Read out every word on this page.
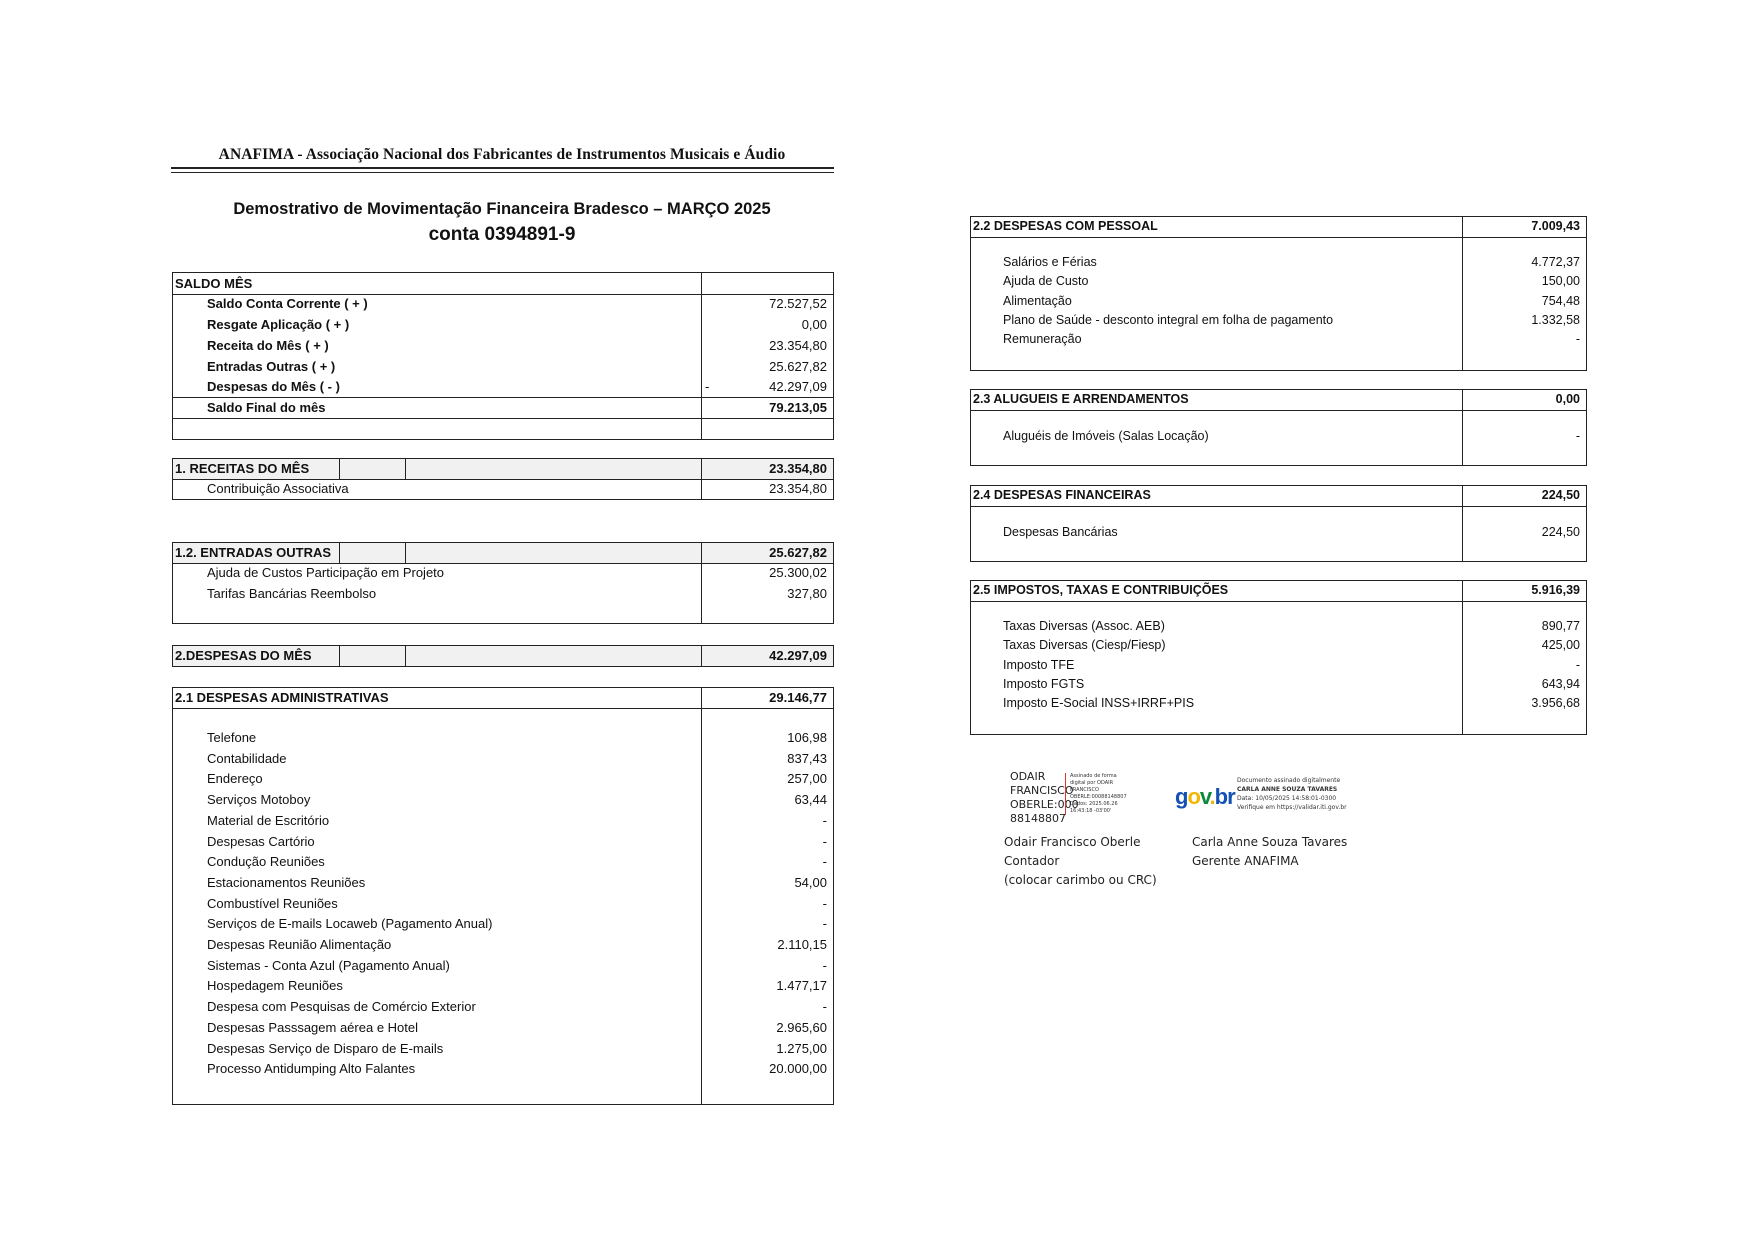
ANAFIMA - Associação Nacional dos Fabricantes de Instrumentos Musicais e Áudio
Demostrativo de Movimentação Financeira Bradesco – MARÇO 2025
conta 0394891-9
SALDO MÊS
Saldo Conta Corrente ( + )	72.527,52
Resgate Aplicação ( + )	0,00
Receita do Mês ( + )	23.354,80
Entradas Outras ( + )	25.627,82
Despesas do Mês ( - )	-	42.297,09
Saldo Final do mês	79.213,05
1. RECEITAS DO MÊS	23.354,80
Contribuição Associativa	23.354,80
1.2. ENTRADAS OUTRAS	25.627,82
Ajuda de Custos Participação em Projeto	25.300,02
Tarifas Bancárias Reembolso	327,80
2.DESPESAS DO MÊS	42.297,09
2.1 DESPESAS ADMINISTRATIVAS	29.146,77
Telefone	106,98
Contabilidade	837,43
Endereço	257,00
Serviços Motoboy	63,44
Material de Escritório	-
Despesas Cartório	-
Condução Reuniões	-
Estacionamentos Reuniões	54,00
Combustível Reuniões	-
Serviços de E-mails Locaweb (Pagamento Anual)	-
Despesas Reunião Alimentação	2.110,15
Sistemas - Conta Azul (Pagamento Anual)	-
Hospedagem Reuniões	1.477,17
Despesa com Pesquisas de Comércio Exterior	-
Despesas Passsagem aérea e Hotel	2.965,60
Despesas Serviço de Disparo de E-mails	1.275,00
Processo Antidumping Alto Falantes	20.000,00
2.2 DESPESAS COM PESSOAL	7.009,43
Salários e Férias	4.772,37
Ajuda de Custo	150,00
Alimentação	754,48
Plano de Saúde - desconto integral em folha de pagamento	1.332,58
Remuneração	-
2.3 ALUGUEIS E ARRENDAMENTOS	0,00
Aluguéis de Imóveis (Salas Locação)	-
2.4 DESPESAS FINANCEIRAS	224,50
Despesas Bancárias	224,50
2.5 IMPOSTOS, TAXAS E CONTRIBUIÇÕES	5.916,39
Taxas Diversas (Assoc. AEB)	890,77
Taxas Diversas (Ciesp/Fiesp)	425,00
Imposto TFE	-
Imposto FGTS	643,94
Imposto E-Social INSS+IRRF+PIS	3.956,68
ODAIR
FRANCISCO
OBERLE:000
88148807
Assinado de forma
digital por ODAIR
FRANCISCO
OBERLE:00088148807
Dados: 2025.06.26
16:43:18 -03'00'
gov.br
Documento assinado digitalmente
CARLA ANNE SOUZA TAVARES
Data: 10/05/2025 14:58:01-0300
Verifique em https://validar.iti.gov.br
Odair Francisco Oberle
Contador
(colocar carimbo ou CRC)
Carla Anne Souza Tavares
Gerente ANAFIMA
